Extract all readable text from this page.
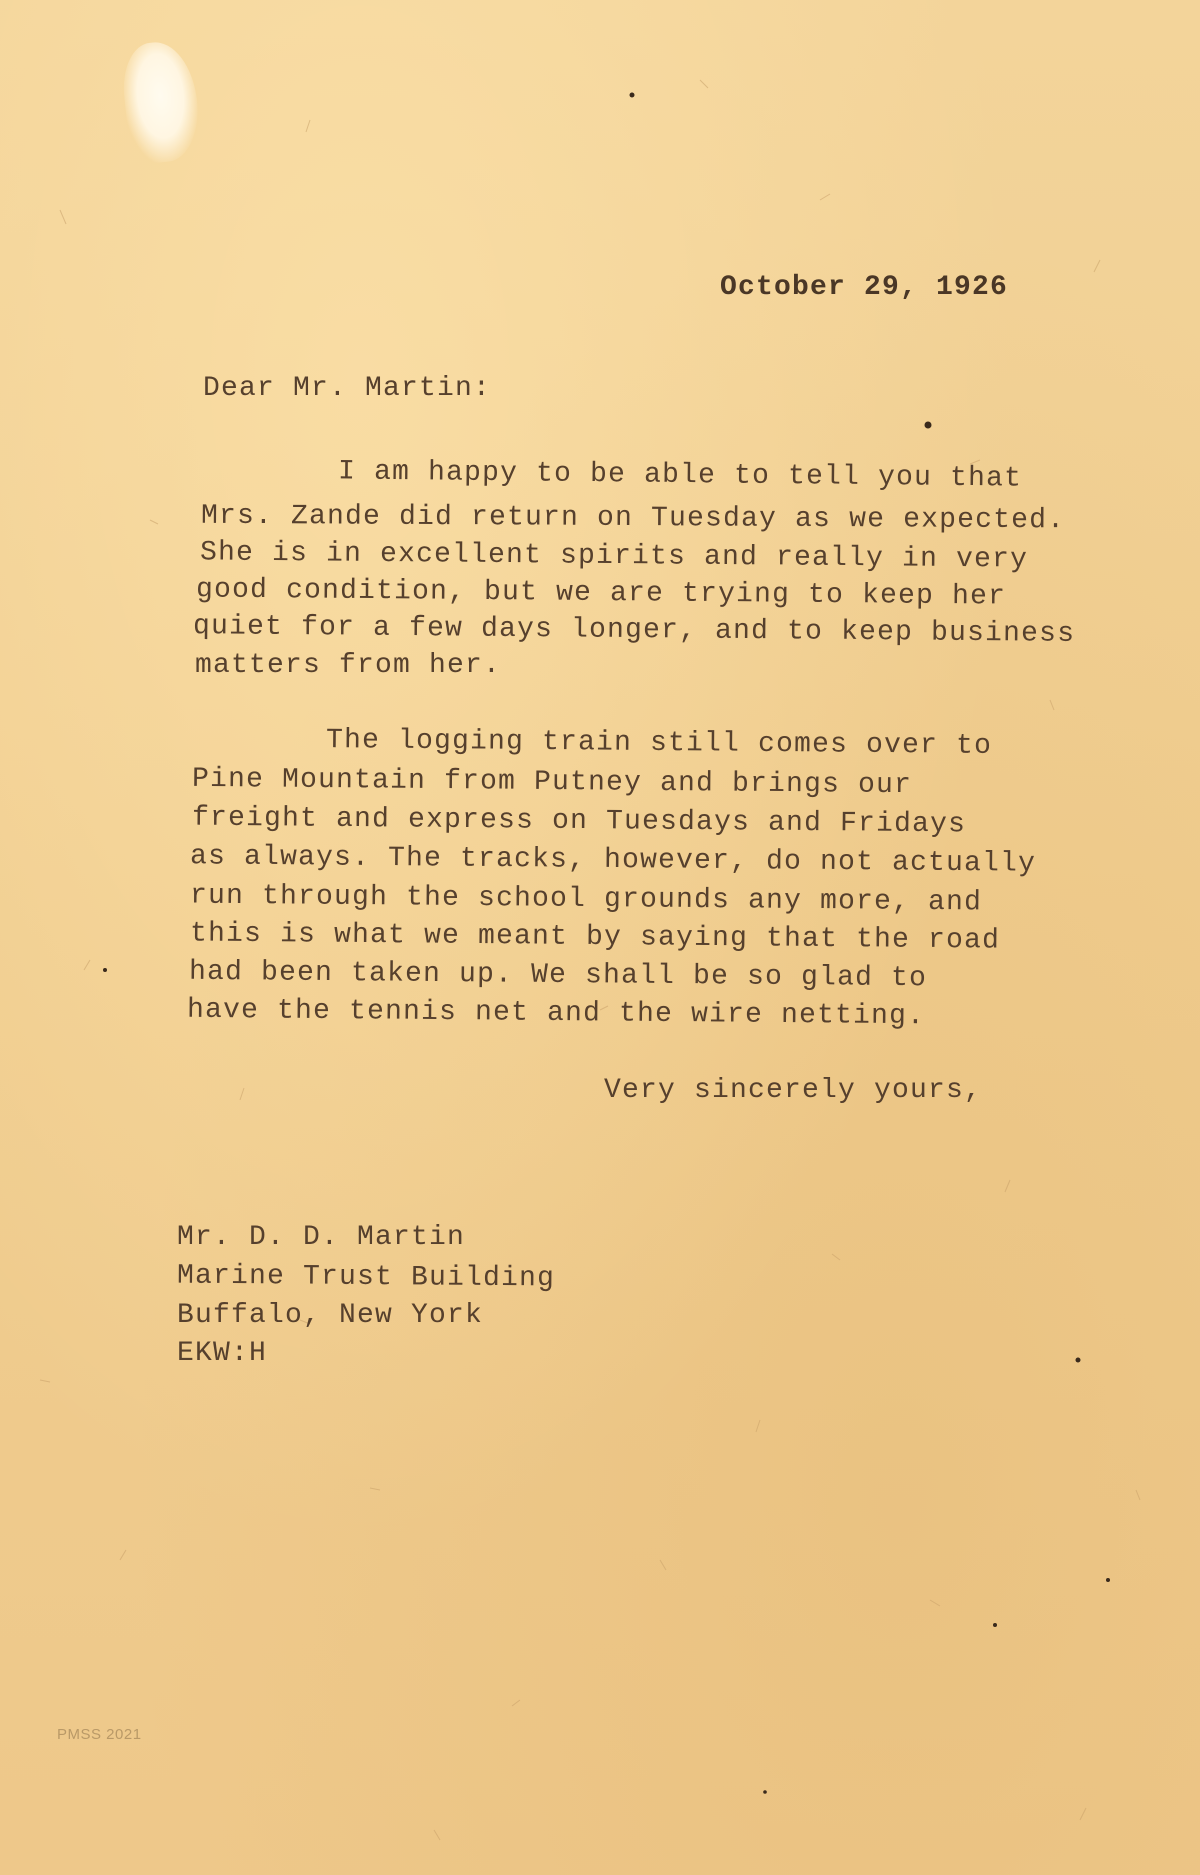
October 29, 1926
Dear Mr. Martin:
I am happy to be able to tell you that
Mrs. Zande did return on Tuesday as we expected.
She is in excellent spirits and really in very
good condition, but we are trying to keep her
quiet for a few days longer, and to keep business
matters from her.
The logging train still comes over to
Pine Mountain from Putney and brings our
freight and express on Tuesdays and Fridays
as always. The tracks, however, do not actually
run through the school grounds any more, and
this is what we meant by saying that the road
had been taken up. We shall be so glad to
have the tennis net and the wire netting.
Very sincerely yours,
Mr. D. D. Martin
Marine Trust Building
Buffalo, New York
EKW:H
PMSS 2021
